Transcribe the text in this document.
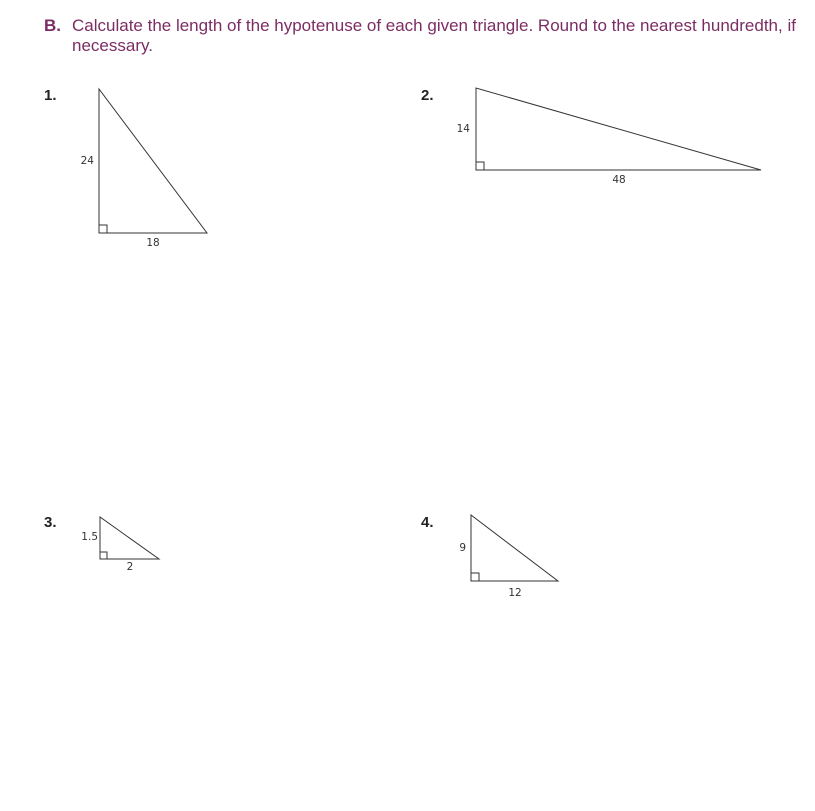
B. Calculate the length of the hypotenuse of each given triangle. Round to the nearest hundredth, if necessary.
1.	2.
3.	4.
24
18
14
48
1.5
2
9
12
